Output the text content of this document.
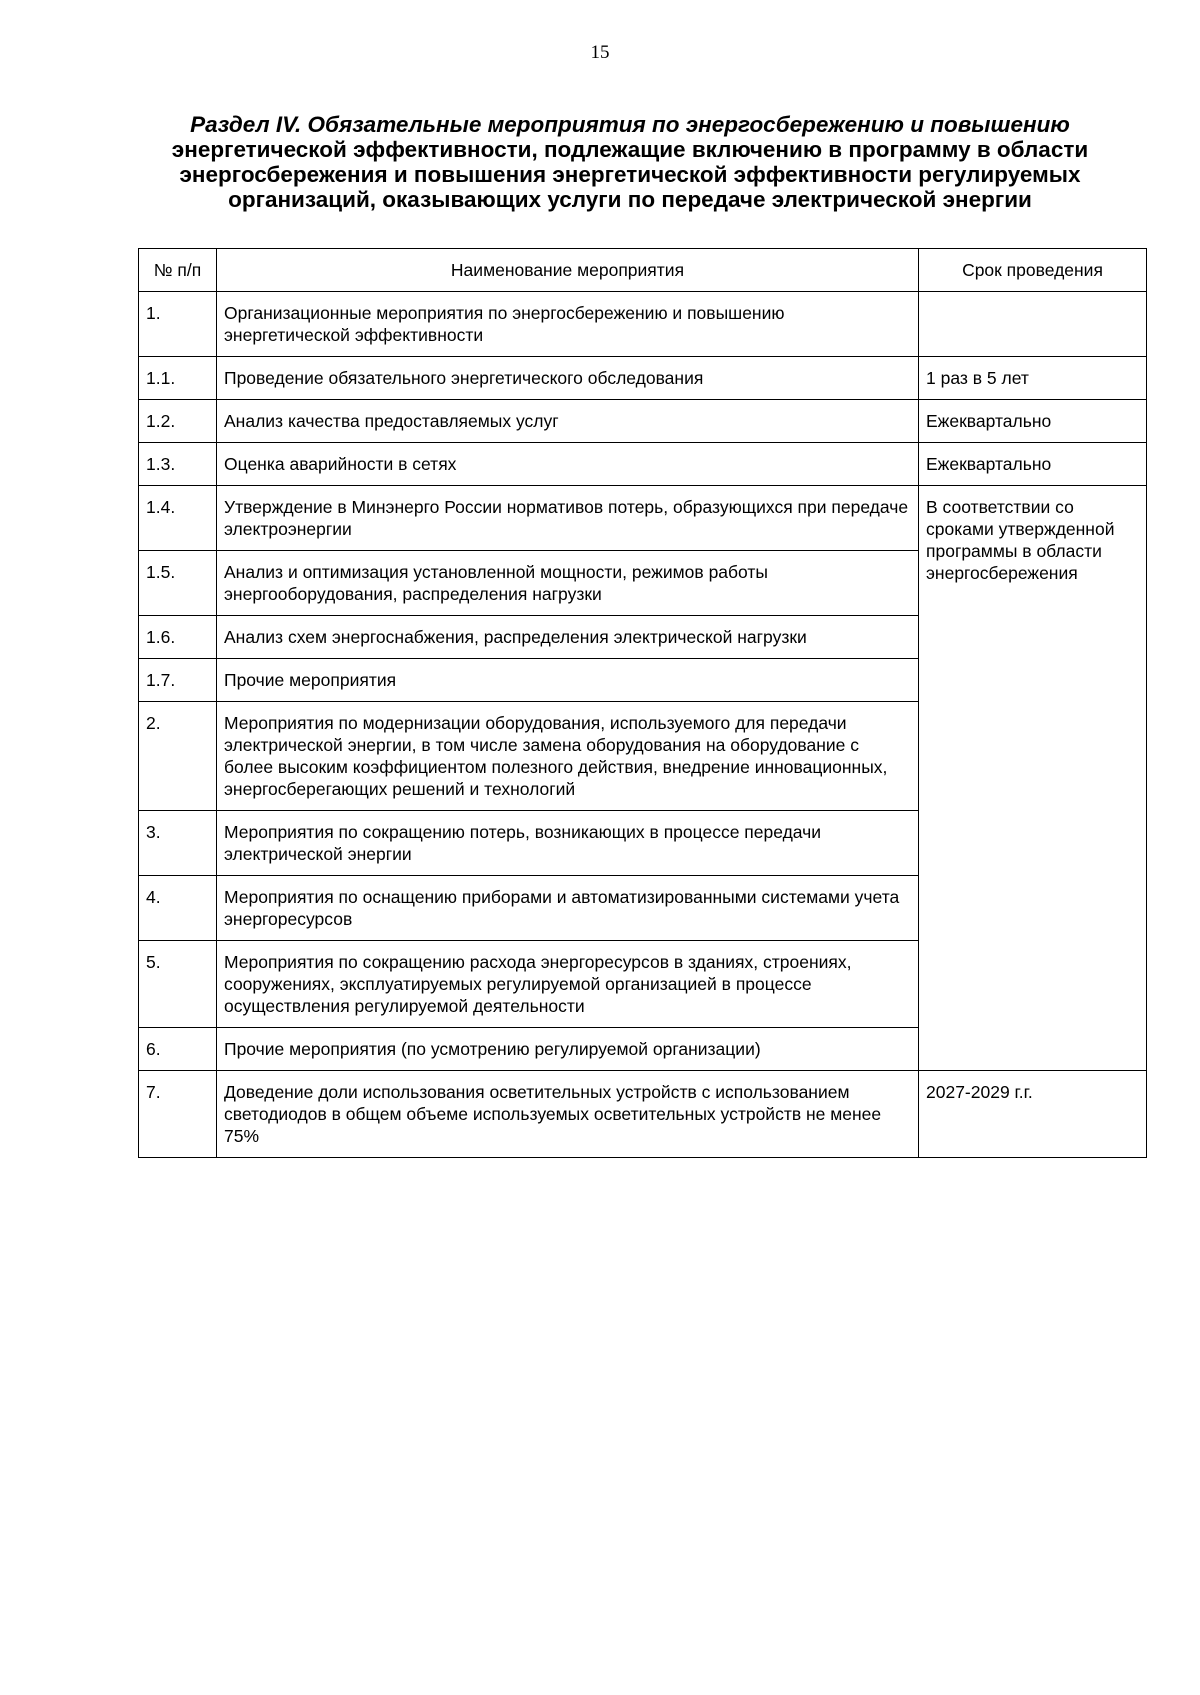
15
Раздел IV. Обязательные мероприятия по энергосбережению и повышению энергетической эффективности, подлежащие включению в программу в области энергосбережения и повышения энергетической эффективности регулируемых организаций, оказывающих услуги по передаче электрической энергии
№ п/п	Наименование мероприятия	Срок проведения
1.	Организационные мероприятия по энергосбережению и повышению энергетической эффективности	
1.1.	Проведение обязательного энергетического обследования	1 раз в 5 лет
1.2.	Анализ качества предоставляемых услуг	Ежеквартально
1.3.	Оценка аварийности в сетях	Ежеквартально
1.4.	Утверждение в Минэнерго России нормативов потерь, образующихся при передаче электроэнергии	В соответствии со сроками утвержденной программы в области энергосбережения
1.5.	Анализ и оптимизация установленной мощности, режимов работы энергооборудования, распределения нагрузки	
1.6.	Анализ схем энергоснабжения, распределения электрической нагрузки	
1.7.	Прочие мероприятия	
2.	Мероприятия по модернизации оборудования, используемого для передачи электрической энергии, в том числе замена оборудования на оборудование с более высоким коэффициентом полезного действия, внедрение инновационных, энергосберегающих решений и технологий	
3.	Мероприятия по сокращению потерь, возникающих в процессе передачи электрической энергии	
4.	Мероприятия по оснащению приборами и автоматизированными системами учета энергоресурсов	
5.	Мероприятия по сокращению расхода энергоресурсов в зданиях, строениях, сооружениях, эксплуатируемых регулируемой организацией в процессе осуществления регулируемой деятельности	
6.	Прочие мероприятия (по усмотрению регулируемой организации)	
7.	Доведение доли использования осветительных устройств с использованием светодиодов в общем объеме используемых осветительных устройств не менее 75%	2027-2029 г.г.
